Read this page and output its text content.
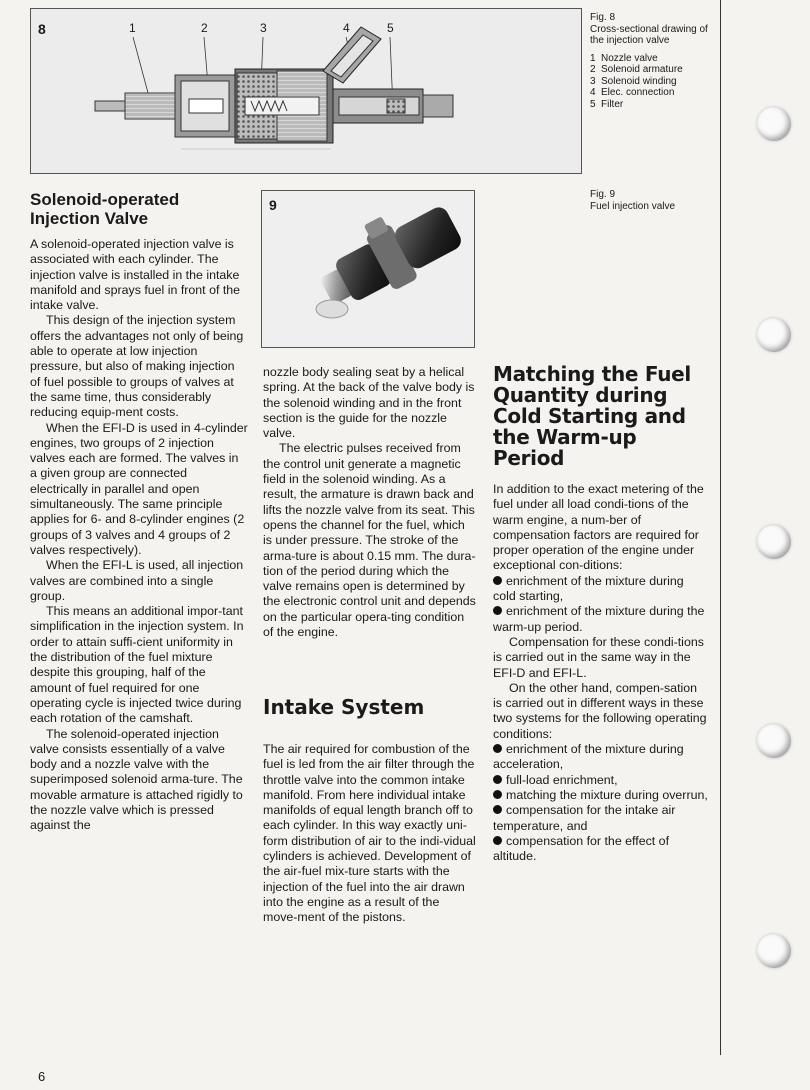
8	1	2	3	4	5
Fig. 8
Cross-sectional drawing of the injection valve
1 Nozzle valve
2 Solenoid armature
3 Solenoid winding
4 Elec. connection
5 Filter
9
Fig. 9
Fuel injection valve
Solenoid-operated Injection Valve

A solenoid-operated injection valve is associated with each cylinder. The injection valve is installed in the intake manifold and sprays fuel in front of the intake valve.

This design of the injection system offers the advantages not only of being able to operate at low injection pressure, but also of making injection of fuel possible to groups of valves at the same time, thus considerably reducing equip-ment costs.

When the EFI-D is used in 4-cylinder engines, two groups of 2 injection valves each are formed. The valves in a given group are connected electrically in parallel and open simultaneously. The same principle applies for 6- and 8-cylinder engines (2 groups of 3 valves and 4 groups of 2 valves respectively).

When the EFI-L is used, all injection valves are combined into a single group.

This means an additional impor-tant simplification in the injection system. In order to attain suffi-cient uniformity in the distribution of the fuel mixture despite this grouping, half of the amount of fuel required for one operating cycle is injected twice during each rotation of the camshaft.

The solenoid-operated injection valve consists essentially of a valve body and a nozzle valve with the superimposed solenoid arma-ture. The movable armature is attached rigidly to the nozzle valve which is pressed against the

nozzle body sealing seat by a helical spring. At the back of the valve body is the solenoid winding and in the front section is the guide for the nozzle valve.

The electric pulses received from the control unit generate a magnetic field in the solenoid winding. As a result, the armature is drawn back and lifts the nozzle valve from its seat. This opens the channel for the fuel, which is under pressure. The stroke of the arma-ture is about 0.15 mm. The dura-tion of the period during which the valve remains open is determined by the electronic control unit and depends on the particular opera-ting condition of the engine.

Intake System

The air required for combustion of the fuel is led from the air filter through the throttle valve into the common intake manifold. From here individual intake manifolds of equal length branch off to each cylinder. In this way exactly uni-form distribution of air to the indi-vidual cylinders is achieved. Development of the air-fuel mix-ture starts with the injection of the fuel into the air drawn into the engine as a result of the move-ment of the pistons.

Matching the Fuel Quantity during Cold Starting and the Warm-up Period

In addition to the exact metering of the fuel under all load condi-tions of the warm engine, a num-ber of compensation factors are required for proper operation of the engine under exceptional con-ditions:

enrichment of the mixture during cold starting,

enrichment of the mixture during the warm-up period.

Compensation for these condi-tions is carried out in the same way in the EFI-D and EFI-L.

On the other hand, compen-sation is carried out in different ways in these two systems for the following operating conditions:

enrichment of the mixture during acceleration,

full-load enrichment,

matching the mixture during overrun,

compensation for the intake air temperature, and

compensation for the effect of altitude.

6
